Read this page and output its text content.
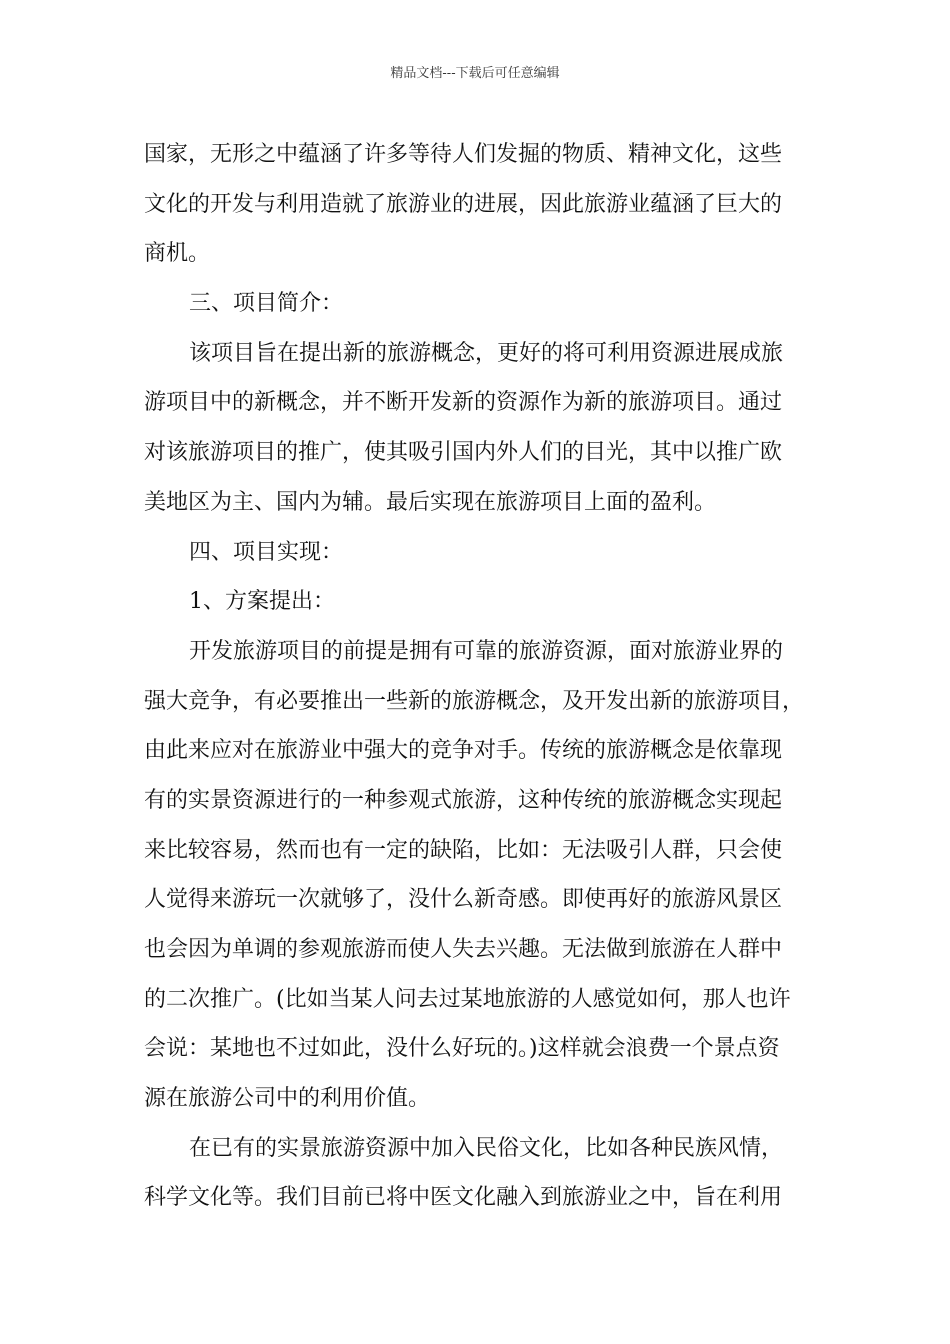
精品文档---下载后可任意编辑
国家，无形之中蕴涵了许多等待人们发掘的物质、精神文化，这些
文化的开发与利用造就了旅游业的进展，因此旅游业蕴涵了巨大的
商机。
三、项目简介：
该项目旨在提出新的旅游概念，更好的将可利用资源进展成旅
游项目中的新概念，并不断开发新的资源作为新的旅游项目。通过
对该旅游项目的推广，使其吸引国内外人们的目光，其中以推广欧
美地区为主、国内为辅。最后实现在旅游项目上面的盈利。
四、项目实现：
1、方案提出：
开发旅游项目的前提是拥有可靠的旅游资源，面对旅游业界的
强大竞争，有必要推出一些新的旅游概念，及开发出新的旅游项目，
由此来应对在旅游业中强大的竞争对手。传统的旅游概念是依靠现
有的实景资源进行的一种参观式旅游，这种传统的旅游概念实现起
来比较容易，然而也有一定的缺陷，比如：无法吸引人群，只会使
人觉得来游玩一次就够了，没什么新奇感。即使再好的旅游风景区
也会因为单调的参观旅游而使人失去兴趣。无法做到旅游在人群中
的二次推广。(比如当某人问去过某地旅游的人感觉如何，那人也许
会说：某地也不过如此，没什么好玩的。)这样就会浪费一个景点资
源在旅游公司中的利用价值。
在已有的实景旅游资源中加入民俗文化，比如各种民族风情，
科学文化等。我们目前已将中医文化融入到旅游业之中，旨在利用
